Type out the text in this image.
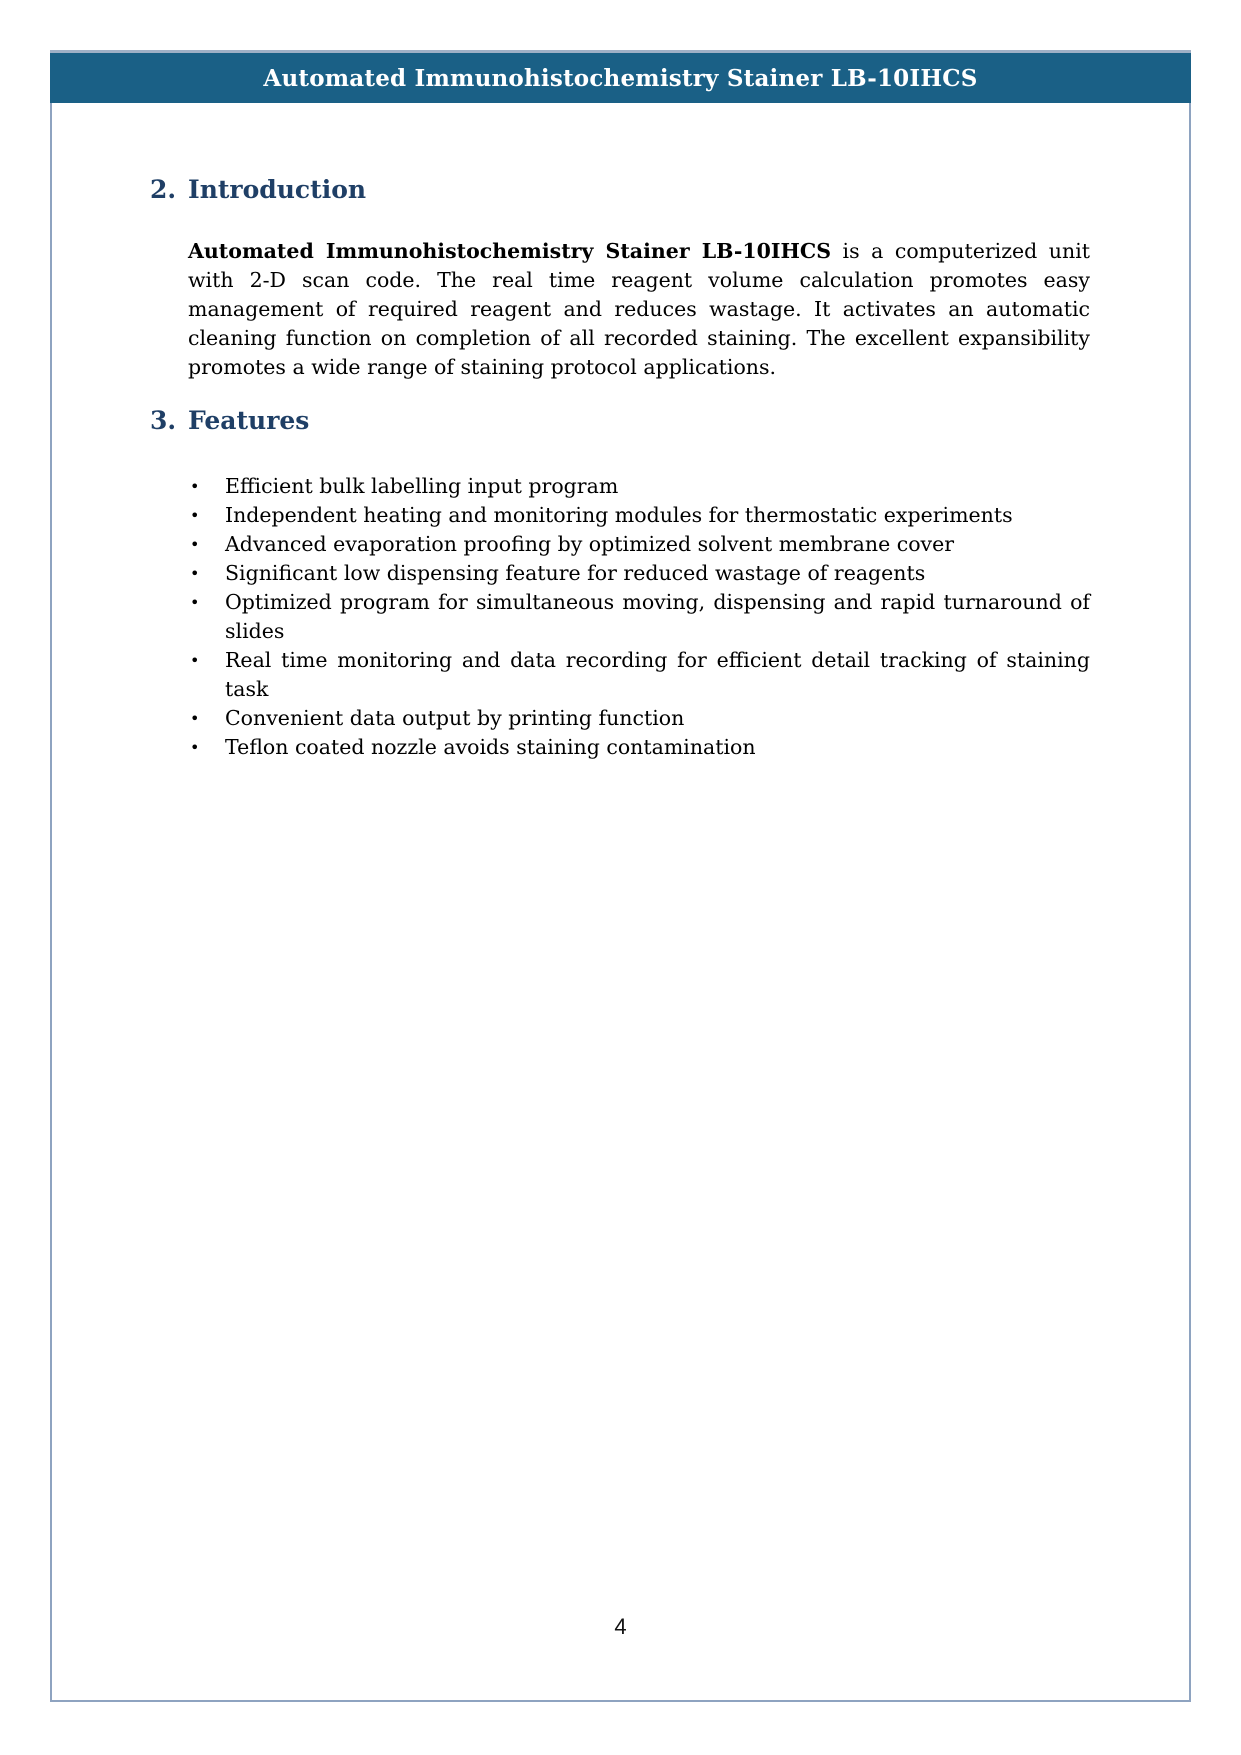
Automated Immunohistochemistry Stainer LB-10IHCS
2. Introduction

Automated Immunohistochemistry Stainer LB-10IHCS is a computerized unit with 2-D scan code. The real time reagent volume calculation promotes easy management of required reagent and reduces wastage. It activates an automatic cleaning function on completion of all recorded staining. The excellent expansibility promotes a wide range of staining protocol applications.

3. Features
• Efficient bulk labelling input program
• Independent heating and monitoring modules for thermostatic experiments
• Advanced evaporation proofing by optimized solvent membrane cover
• Significant low dispensing feature for reduced wastage of reagents
• Optimized program for simultaneous moving, dispensing and rapid turnaround of slides
• Real time monitoring and data recording for efficient detail tracking of staining task
• Convenient data output by printing function
• Teflon coated nozzle avoids staining contamination
4
